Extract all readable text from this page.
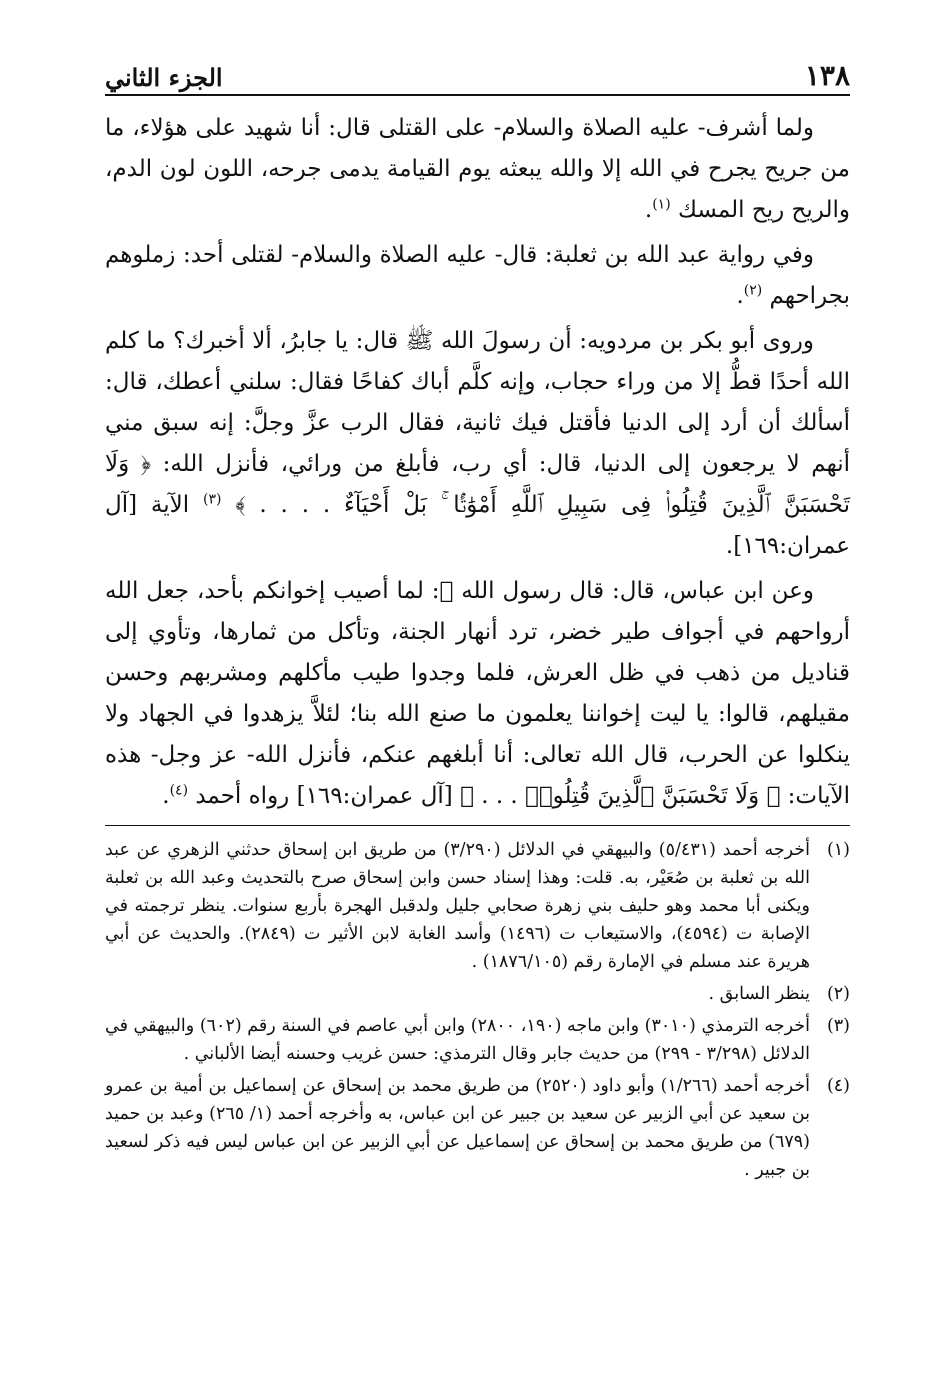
١٣٨
الجزء الثاني

ولما أشرف- عليه الصلاة والسلام- على القتلى قال: أنا شهيد على هؤلاء، ما من جريح يجرح في الله إلا والله يبعثه يوم القيامة يدمى جرحه، اللون لون الدم، والريح ريح المسك $^{(١)}$.

وفي رواية عبد الله بن ثعلبة: قال- عليه الصلاة والسلام- لقتلى أحد: زملوهم بجراحهم $^{(٢)}$.

وروى أبو بكر بن مردويه: أن رسولَ الله ﷺ قال: يا جابرُ، ألا أخبرك؟ ما كلم الله أحدًا قطُّ إلا من وراء حجاب، وإنه كلَّم أباك كفاحًا فقال: سلني أعطك، قال: أسألك أن أرد إلى الدنيا فأقتل فيك ثانية، فقال الرب عزَّ وجلَّ: إنه سبق مني أنهم لا يرجعون إلى الدنيا، قال: أي رب، فأبلغ من ورائي، فأنزل الله: ﴿ وَلَا تَحْسَبَنَّ ٱلَّذِينَ قُتِلُوا۟ فِى سَبِيلِ ٱللَّهِ أَمْوَٰتًۢا ۚ بَلْ أَحْيَآءٌ . . . . ﴾ $^{(٣)}$ الآية [آل عمران:١٦٩].

وعن ابن عباس، قال: قال رسول الله ﷺ: لما أصيب إخوانكم بأحد، جعل الله أرواحهم في أجواف طير خضر، ترد أنهار الجنة، وتأكل من ثمارها، وتأوي إلى قناديل من ذهب في ظل العرش، فلما وجدوا طيب مأكلهم ومشربهم وحسن مقيلهم، قالوا: يا ليت إخواننا يعلمون ما صنع الله بنا؛ لئلاَّ يزهدوا في الجهاد ولا ينكلوا عن الحرب، قال الله تعالى: أنا أبلغهم عنكم، فأنزل الله- عز وجل- هذه الآيات: ﴿ وَلَا تَحْسَبَنَّ ٱلَّذِينَ قُتِلُوا۟ . . . ﴾ [آل عمران:١٦٩] رواه أحمد $^{(٤)}$.

(١)
أخرجه أحمد (٥/٤٣١) والبيهقي في الدلائل (٣/٢٩٠) من طريق ابن إسحاق حدثني الزهري عن عبد الله بن ثعلبة بن صُعَيْر، به. قلت: وهذا إسناد حسن وابن إسحاق صرح بالتحديث وعبد الله بن ثعلبة ويكنى أبا محمد وهو حليف بني زهرة صحابي جليل ولدقبل الهجرة بأربع سنوات. ينظر ترجمته في الإصابة ت (٤٥٩٤)، والاستيعاب ت (١٤٩٦) وأسد الغابة لابن الأثير ت (٢٨٤٩). والحديث عن أبي هريرة عند مسلم في الإمارة رقم (١٨٧٦/١٠٥) .
(٢)
ينظر السابق .
(٣)
أخرجه الترمذي (٣٠١٠) وابن ماجه (١٩٠، ٢٨٠٠) وابن أبي عاصم في السنة رقم (٦٠٢) والبيهقي في الدلائل (٣/٢٩٨ - ٢٩٩) من حديث جابر وقال الترمذي: حسن غريب وحسنه أيضا الألباني .
(٤)
أخرجه أحمد (١/٢٦٦) وأبو داود (٢٥٢٠) من طريق محمد بن إسحاق عن إسماعيل بن أمية بن عمرو بن سعيد عن أبي الزبير عن سعيد بن جبير عن ابن عباس، به وأخرجه أحمد (١/ ٢٦٥) وعبد بن حميد (٦٧٩) من طريق محمد بن إسحاق عن إسماعيل عن أبي الزبير عن ابن عباس ليس فيه ذكر لسعيد بن جبير .
